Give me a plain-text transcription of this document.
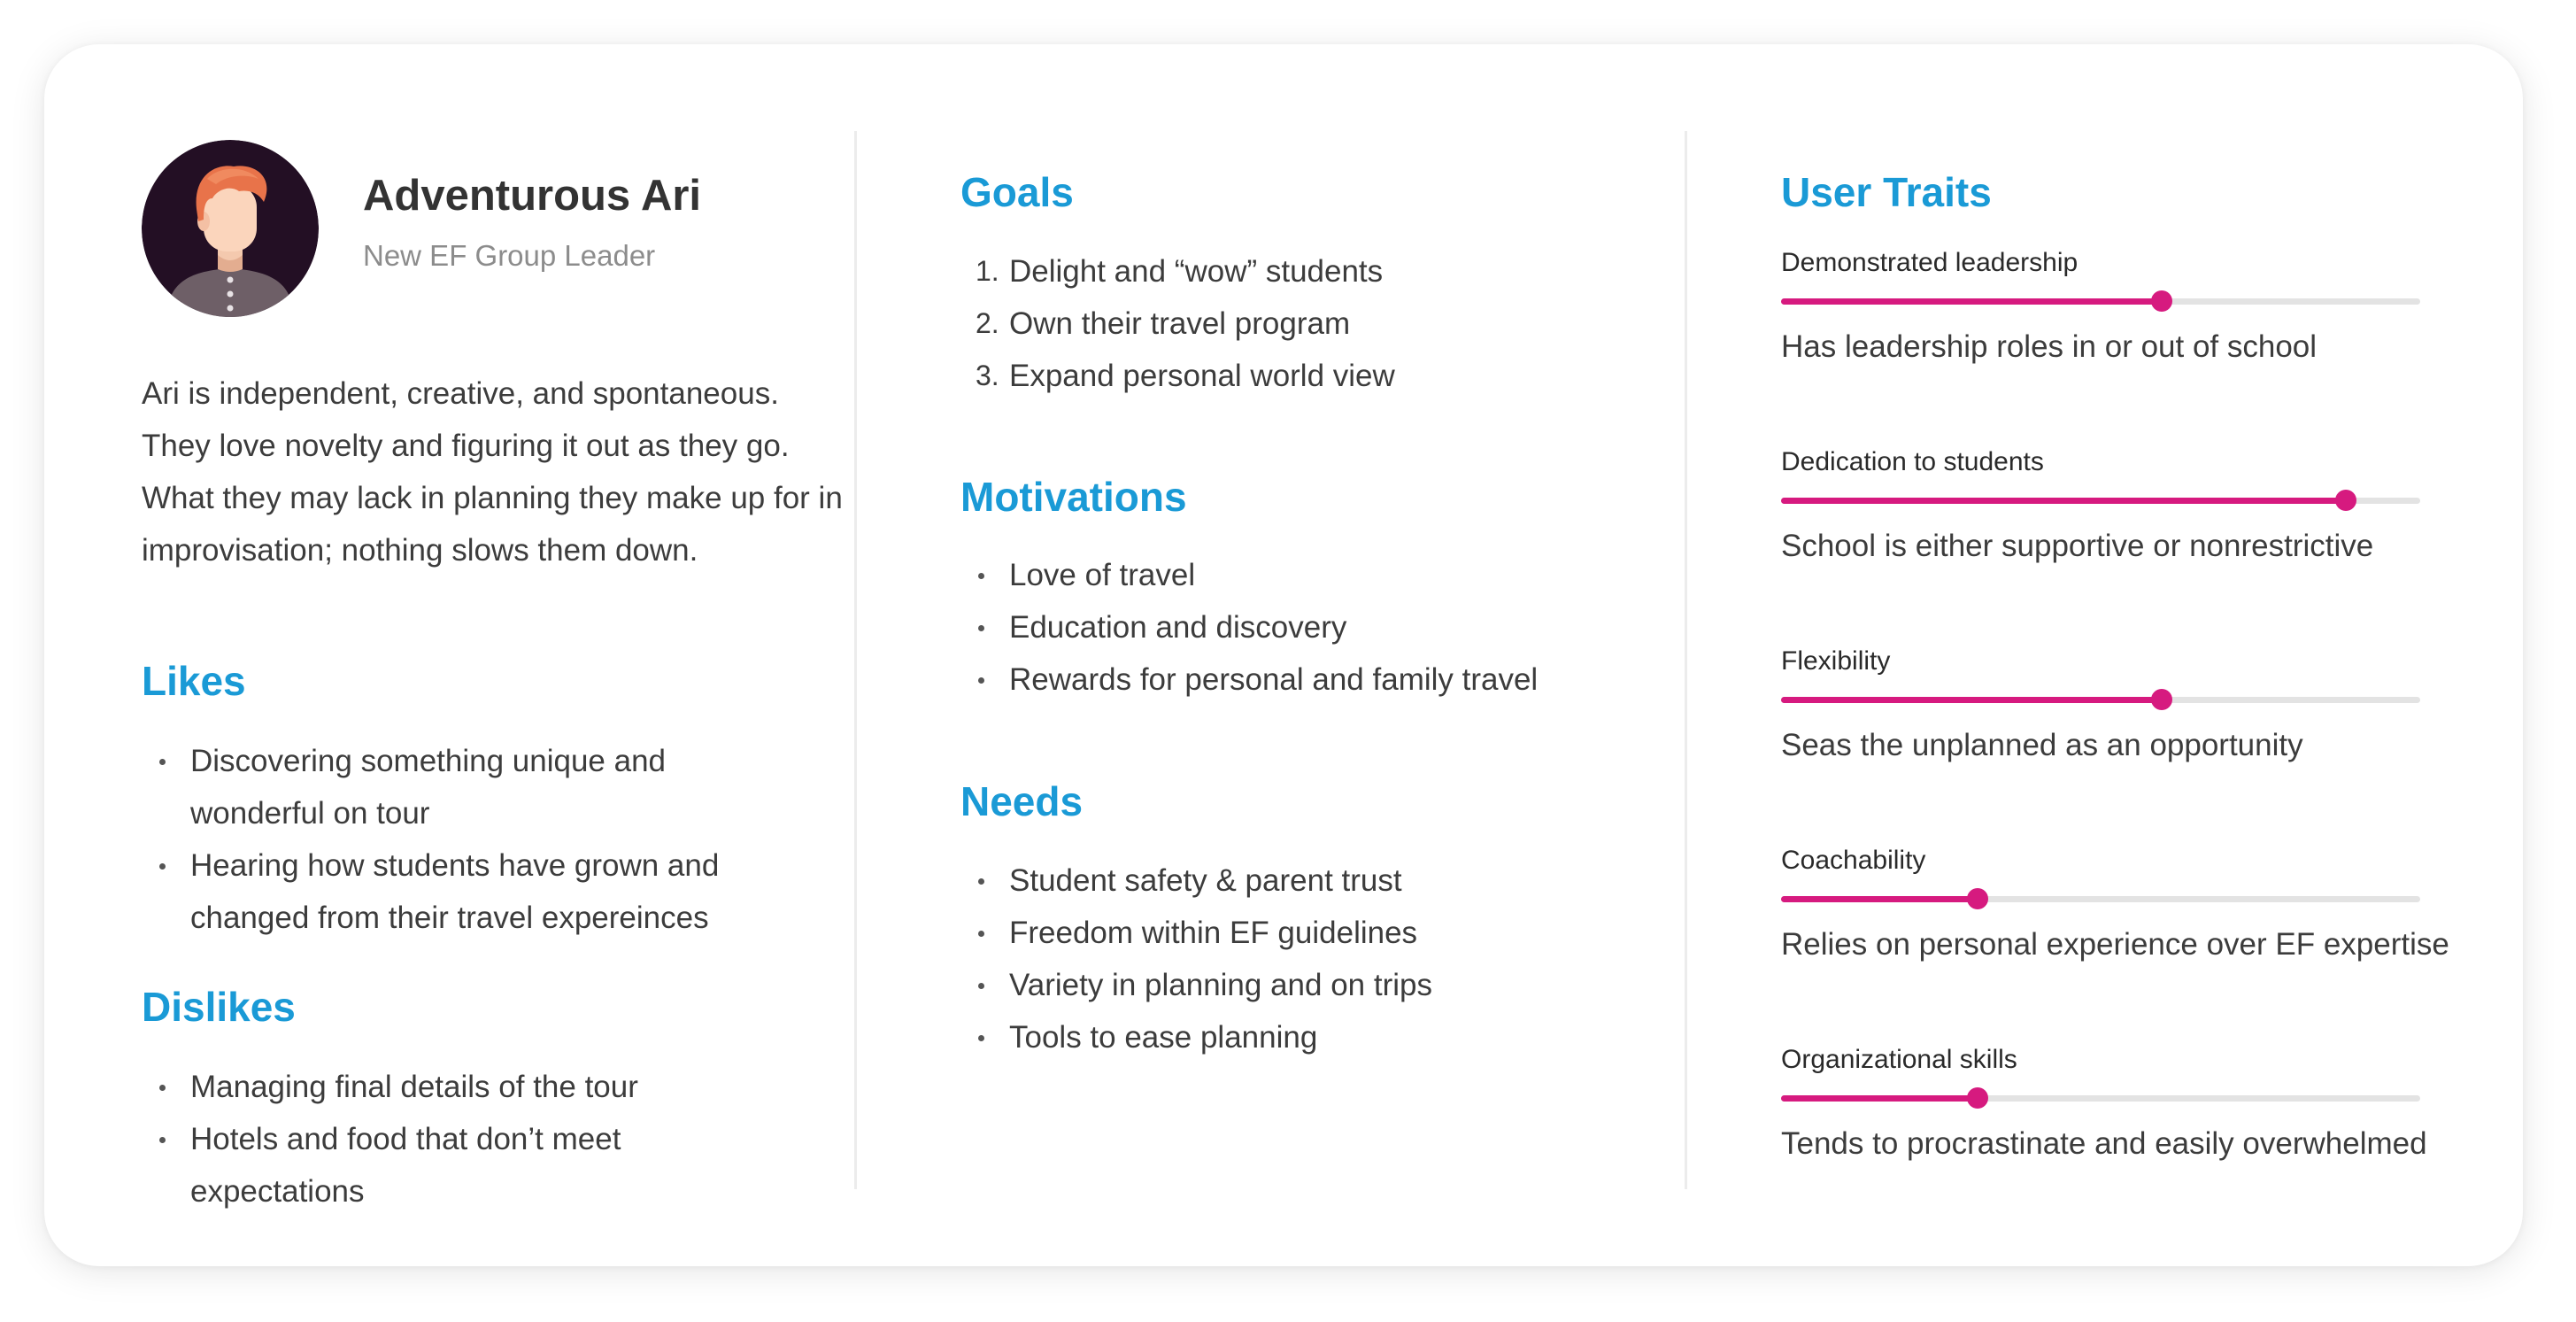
Adventurous Ari
New EF Group Leader

Ari is independent, creative, and spontaneous. They love novelty and figuring it out as they go. What they may lack in planning they make up for in improvisation; nothing slows them down.

Likes
Discovering something unique and wonderful on tour
Hearing how students have grown and changed from their travel expereinces
Dislikes
Managing final details of the tour
Hotels and food that don’t meet expectations
Goals
1. Delight and “wow” students
2. Own their travel program
3. Expand personal world view
Motivations
Love of travel
Education and discovery
Rewards for personal and family travel
Needs
Student safety & parent trust
Freedom within EF guidelines
Variety in planning and on trips
Tools to ease planning
User Traits
Demonstrated leadership
Has leadership roles in or out of school
Dedication to students
School is either supportive or nonrestrictive
Flexibility
Seas the unplanned as an opportunity
Coachability
Relies on personal experience over EF expertise
Organizational skills
Tends to procrastinate and easily overwhelmed
